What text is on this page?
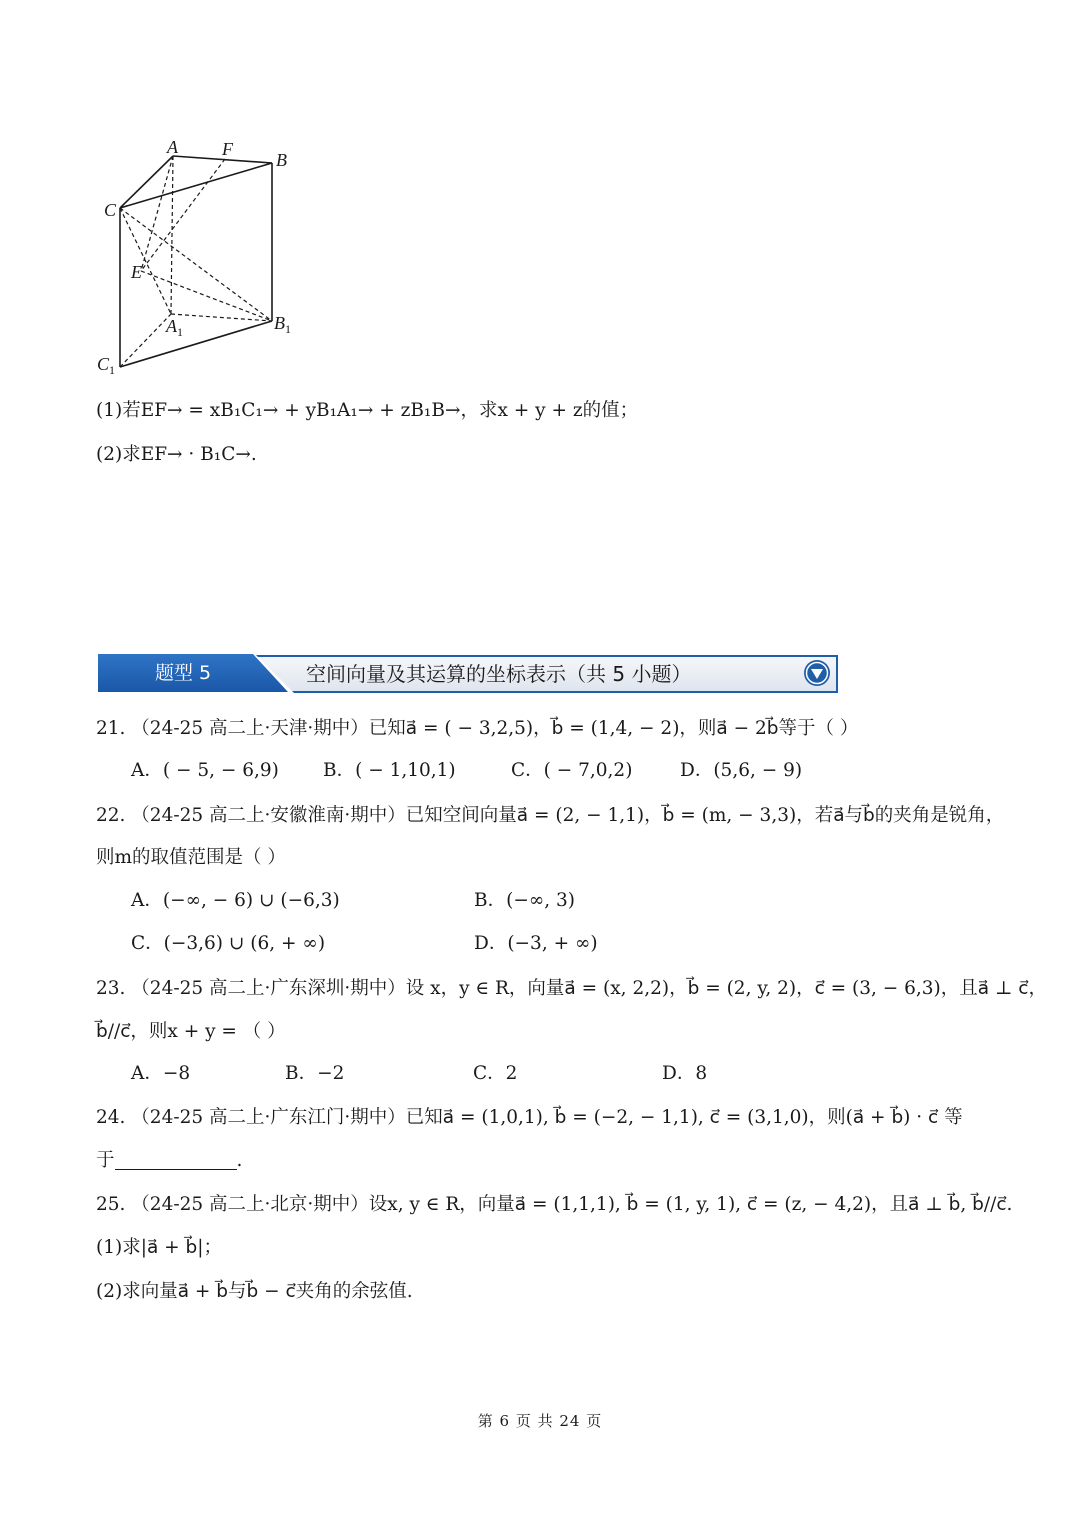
A F
B
C
E
$A_1$	$B_1$
$C_1$
(1)若EF→ = xB₁C₁→ + yB₁A₁→ + zB₁B→，求x + y + z的值；
(2)求EF→ · B₁C→.
题型 5	空间向量及其运算的坐标表示（共 5 小题）
21. （24-25 高二上·天津·期中）已知a⃗ = ( − 3,2,5)，b⃗ = (1,4, − 2)，则a⃗ − 2b⃗等于（ ）
A．( − 5, − 6,9) B．( − 1,10,1)	C．( − 7,0,2)	D．(5,6, − 9)
22. （24-25 高二上·安徽淮南·期中）已知空间向量a⃗ = (2, − 1,1)，b⃗ = (m, − 3,3)，若a⃗与b⃗的夹角是锐角，
则m的取值范围是（ ）
A．(−∞, − 6) ∪ (−6,3)	B．(−∞, 3)
C．(−3,6) ∪ (6, + ∞)	D．(−3, + ∞)
23. （24-25 高二上·广东深圳·期中）设 x，y ∈ R，向量a⃗ = (x, 2,2)，b⃗ = (2, y, 2)，c⃗ = (3, − 6,3)，且a⃗ ⊥ c⃗，
b⃗//c⃗，则x + y = （ ）
A．−8	B．−2	C．2	D．8
24. （24-25 高二上·广东江门·期中）已知a⃗ = (1,0,1), b⃗ = (−2, − 1,1), c⃗ = (3,1,0)，则(a⃗ + b⃗) · c⃗ 等
于	.
25. （24-25 高二上·北京·期中）设x, y ∈ R，向量a⃗ = (1,1,1), b⃗ = (1, y, 1), c⃗ = (z, − 4,2)，且a⃗ ⊥ b⃗, b⃗//c⃗.
(1)求|a⃗ + b⃗|；
(2)求向量a⃗ + b⃗与b⃗ − c⃗夹角的余弦值.
第 6 页 共 24 页
